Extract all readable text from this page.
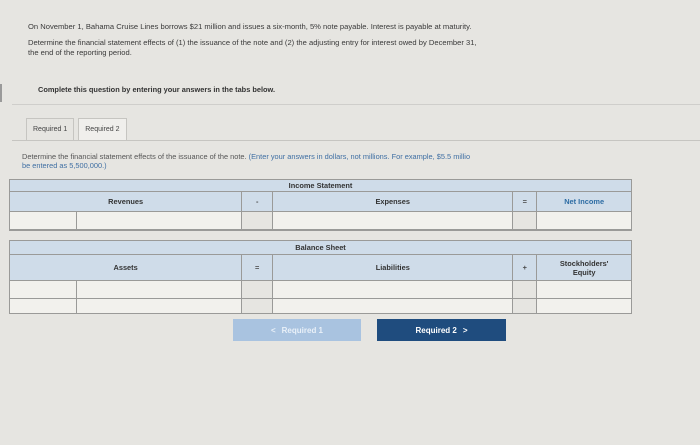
On November 1, Bahama Cruise Lines borrows $21 million and issues a six-month, 5% note payable. Interest is payable at maturity.

Determine the financial statement effects of (1) the issuance of the note and (2) the adjusting entry for interest owed by December 31,
the end of the reporting period.
Complete this question by entering your answers in the tabs below.
Required 1	Required 2
Determine the financial statement effects of the issuance of the note. (Enter your answers in dollars, not millions. For example, $5.5 millio
be entered as 5,500,000.)
Income Statement
Revenues	-	Expenses	=	Net Income
Balance Sheet
Assets	=	Liabilities	+	Stockholders'
Equity
< Required 1	Required 2 >
